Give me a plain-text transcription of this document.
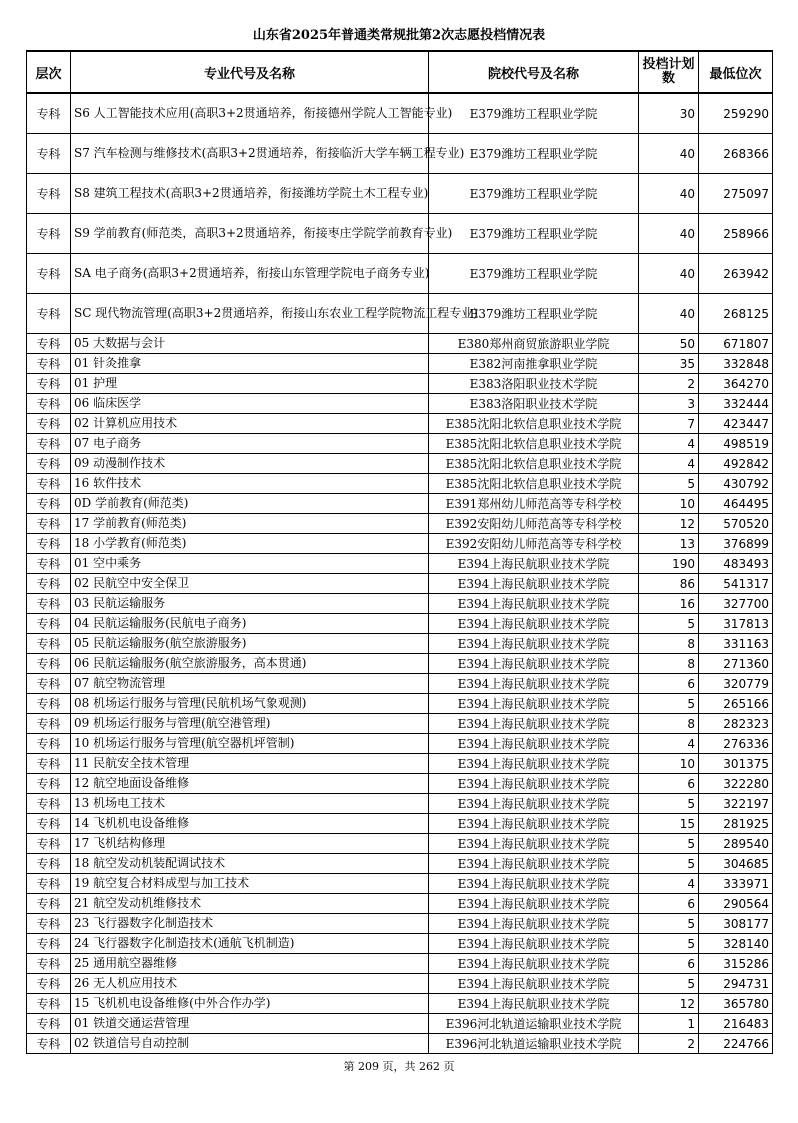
山东省2025年普通类常规批第2次志愿投档情况表
层次	专业代号及名称	院校代号及名称	投档计划数	最低位次
专科	S6 人工智能技术应用(高职3+2贯通培养，衔接德州学院人工智能专业)	E379潍坊工程职业学院	30	259290
专科	S7 汽车检测与维修技术(高职3+2贯通培养，衔接临沂大学车辆工程专业)	E379潍坊工程职业学院	40	268366
专科	S8 建筑工程技术(高职3+2贯通培养，衔接潍坊学院土木工程专业)	E379潍坊工程职业学院	40	275097
专科	S9 学前教育(师范类，高职3+2贯通培养，衔接枣庄学院学前教育专业)	E379潍坊工程职业学院	40	258966
专科	SA 电子商务(高职3+2贯通培养，衔接山东管理学院电子商务专业)	E379潍坊工程职业学院	40	263942
专科	SC 现代物流管理(高职3+2贯通培养，衔接山东农业工程学院物流工程专业)	E379潍坊工程职业学院	40	268125
专科	05 大数据与会计	E380郑州商贸旅游职业学院	50	671807
专科	01 针灸推拿	E382河南推拿职业学院	35	332848
专科	01 护理	E383洛阳职业技术学院	2	364270
专科	06 临床医学	E383洛阳职业技术学院	3	332444
专科	02 计算机应用技术	E385沈阳北软信息职业技术学院	7	423447
专科	07 电子商务	E385沈阳北软信息职业技术学院	4	498519
专科	09 动漫制作技术	E385沈阳北软信息职业技术学院	4	492842
专科	16 软件技术	E385沈阳北软信息职业技术学院	5	430792
专科	0D 学前教育(师范类)	E391郑州幼儿师范高等专科学校	10	464495
专科	17 学前教育(师范类)	E392安阳幼儿师范高等专科学校	12	570520
专科	18 小学教育(师范类)	E392安阳幼儿师范高等专科学校	13	376899
专科	01 空中乘务	E394上海民航职业技术学院	190	483493
专科	02 民航空中安全保卫	E394上海民航职业技术学院	86	541317
专科	03 民航运输服务	E394上海民航职业技术学院	16	327700
专科	04 民航运输服务(民航电子商务)	E394上海民航职业技术学院	5	317813
专科	05 民航运输服务(航空旅游服务)	E394上海民航职业技术学院	8	331163
专科	06 民航运输服务(航空旅游服务，高本贯通)	E394上海民航职业技术学院	8	271360
专科	07 航空物流管理	E394上海民航职业技术学院	6	320779
专科	08 机场运行服务与管理(民航机场气象观测)	E394上海民航职业技术学院	5	265166
专科	09 机场运行服务与管理(航空港管理)	E394上海民航职业技术学院	8	282323
专科	10 机场运行服务与管理(航空器机坪管制)	E394上海民航职业技术学院	4	276336
专科	11 民航安全技术管理	E394上海民航职业技术学院	10	301375
专科	12 航空地面设备维修	E394上海民航职业技术学院	6	322280
专科	13 机场电工技术	E394上海民航职业技术学院	5	322197
专科	14 飞机机电设备维修	E394上海民航职业技术学院	15	281925
专科	17 飞机结构修理	E394上海民航职业技术学院	5	289540
专科	18 航空发动机装配调试技术	E394上海民航职业技术学院	5	304685
专科	19 航空复合材料成型与加工技术	E394上海民航职业技术学院	4	333971
专科	21 航空发动机维修技术	E394上海民航职业技术学院	6	290564
专科	23 飞行器数字化制造技术	E394上海民航职业技术学院	5	308177
专科	24 飞行器数字化制造技术(通航飞机制造)	E394上海民航职业技术学院	5	328140
专科	25 通用航空器维修	E394上海民航职业技术学院	6	315286
专科	26 无人机应用技术	E394上海民航职业技术学院	5	294731
专科	15 飞机机电设备维修(中外合作办学)	E394上海民航职业技术学院	12	365780
专科	01 铁道交通运营管理	E396河北轨道运输职业技术学院	1	216483
专科	02 铁道信号自动控制	E396河北轨道运输职业技术学院	2	224766
第 209 页，共 262 页
